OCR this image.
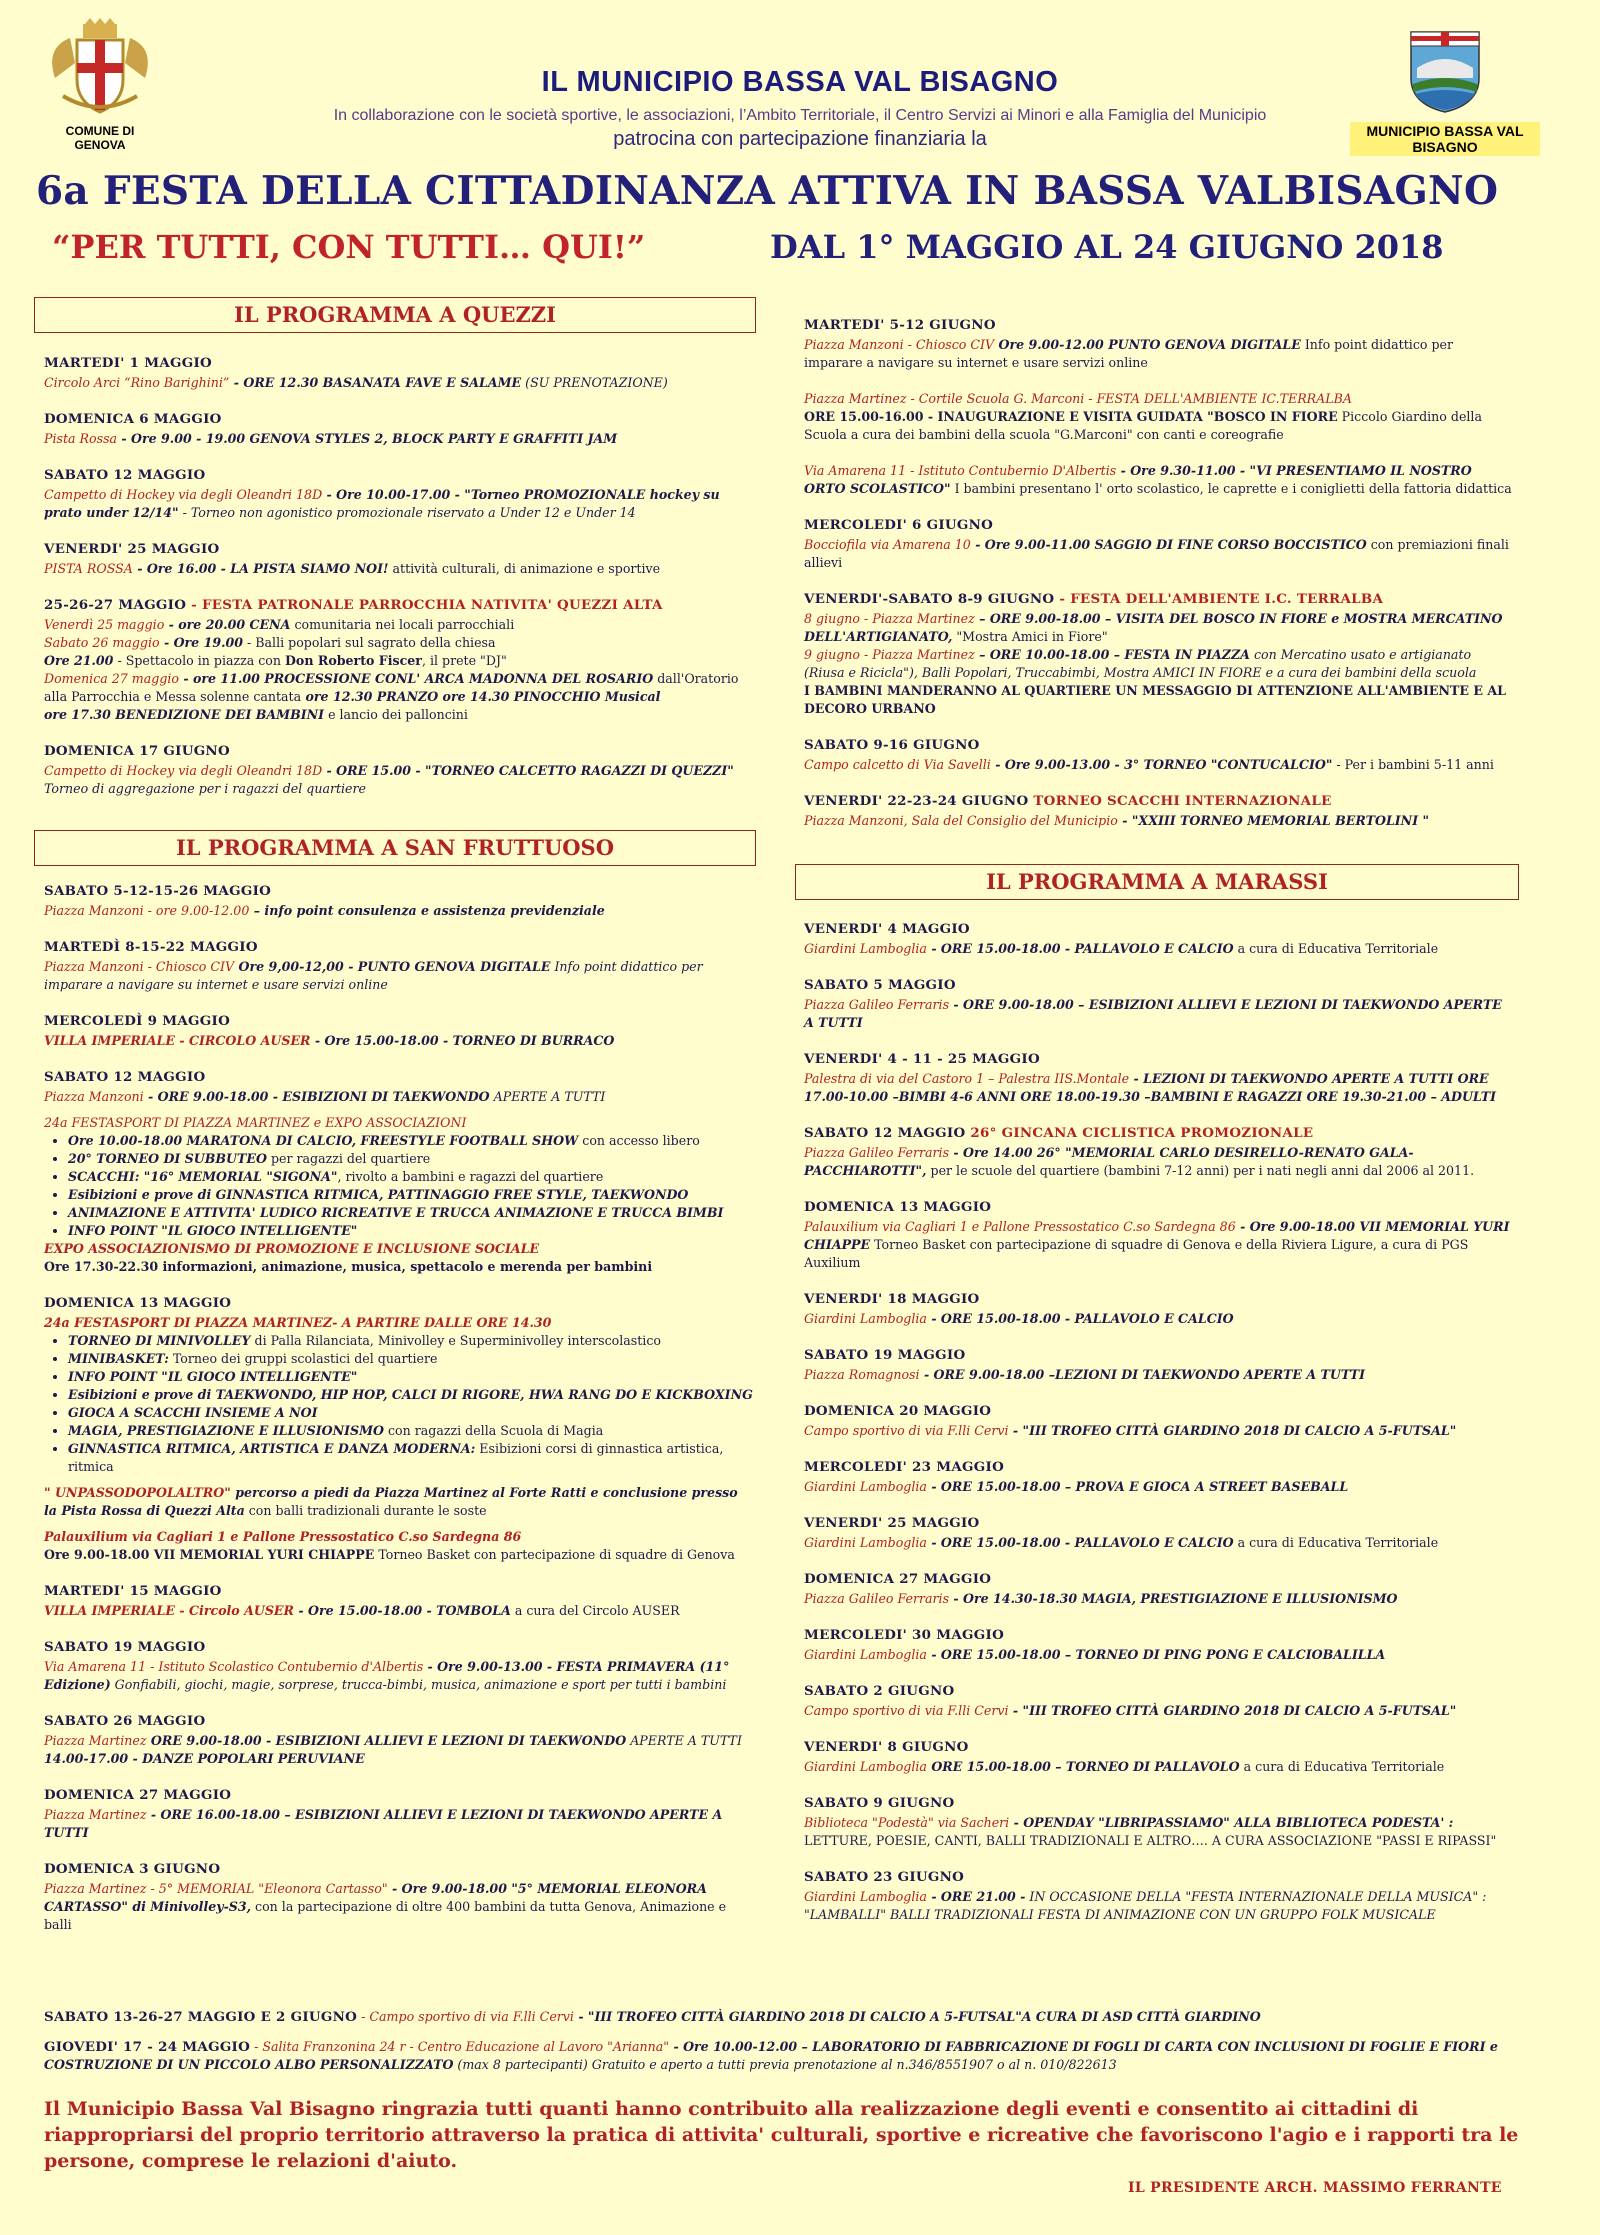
COMUNE DI GENOVA
MUNICIPIO BASSA VAL BISAGNO
IL MUNICIPIO BASSA VAL BISAGNO
In collaborazione con le società sportive, le associazioni, l’Ambito Territoriale, il Centro Servizi ai Minori e alla Famiglia del Municipio
patrocina con partecipazione finanziaria la
6a FESTA DELLA CITTADINANZA ATTIVA IN BASSA VALBISAGNO
“PER TUTTI, CON TUTTI… QUI!”	DAL 1° MAGGIO AL 24 GIUGNO 2018
IL PROGRAMMA A QUEZZI
IL PROGRAMMA A SAN FRUTTUOSO
IL PROGRAMMA A MARASSI
MARTEDI' 1 MAGGIO
Circolo Arci “Rino Barighini” - ORE 12.30 BASANATA FAVE E SALAME (SU PRENOTAZIONE)
DOMENICA 6 MAGGIO
Pista Rossa - Ore 9.00 - 19.00 GENOVA STYLES 2, BLOCK PARTY E GRAFFITI JAM
SABATO 12 MAGGIO
Campetto di Hockey via degli Oleandri 18D - Ore 10.00-17.00 - "Torneo PROMOZIONALE hockey su prato under 12/14" - Torneo non agonistico promozionale riservato a Under 12 e Under 14
VENERDI' 25 MAGGIO
PISTA ROSSA - Ore 16.00 - LA PISTA SIAMO NOI! attività culturali, di animazione e sportive
25-26-27 MAGGIO - FESTA PATRONALE PARROCCHIA NATIVITA' QUEZZI ALTA
Venerdì 25 maggio - ore 20.00 CENA comunitaria nei locali parrocchiali
Sabato 26 maggio - Ore 19.00 - Balli popolari sul sagrato della chiesa
Ore 21.00 - Spettacolo in piazza con Don Roberto Fiscer, il prete "DJ"
Domenica 27 maggio - ore 11.00 PROCESSIONE CONL' ARCA MADONNA DEL ROSARIO dall'Oratorio alla Parrocchia e Messa solenne cantata ore 12.30 PRANZO ore 14.30 PINOCCHIO Musical
ore 17.30 BENEDIZIONE DEI BAMBINI e lancio dei palloncini
DOMENICA 17 GIUGNO
Campetto di Hockey via degli Oleandri 18D - ORE 15.00 - "TORNEO CALCETTO RAGAZZI DI QUEZZI"
Torneo di aggregazione per i ragazzi del quartiere
SABATO 5-12-15-26 MAGGIO
Piazza Manzoni - ore 9.00-12.00 – info point consulenza e assistenza previdenziale
MARTEDÌ 8-15-22 MAGGIO
Piazza Manzoni - Chiosco CIV Ore 9,00-12,00 - PUNTO GENOVA DIGITALE Info point didattico per imparare a navigare su internet e usare servizi online
MERCOLEDÌ 9 MAGGIO
VILLA IMPERIALE - CIRCOLO AUSER - Ore 15.00-18.00 - TORNEO DI BURRACO
SABATO 12 MAGGIO
Piazza Manzoni - ORE 9.00-18.00 - ESIBIZIONI DI TAEKWONDO APERTE A TUTTI
24a FESTASPORT DI PIAZZA MARTINEZ e EXPO ASSOCIAZIONI
• Ore 10.00-18.00 MARATONA DI CALCIO, FREESTYLE FOOTBALL SHOW con accesso libero
• 20° TORNEO DI SUBBUTEO per ragazzi del quartiere
• SCACCHI: "16° MEMORIAL "SIGONA", rivolto a bambini e ragazzi del quartiere
• Esibizioni e prove di GINNASTICA RITMICA, PATTINAGGIO FREE STYLE, TAEKWONDO
• ANIMAZIONE E ATTIVITA' LUDICO RICREATIVE E TRUCCA ANIMAZIONE E TRUCCA BIMBI
• INFO POINT "IL GIOCO INTELLIGENTE"
EXPO ASSOCIAZIONISMO DI PROMOZIONE E INCLUSIONE SOCIALE
Ore 17.30-22.30 informazioni, animazione, musica, spettacolo e merenda per bambini
DOMENICA 13 MAGGIO
24a FESTASPORT DI PIAZZA MARTINEZ- A PARTIRE DALLE ORE 14.30
• TORNEO DI MINIVOLLEY di Palla Rilanciata, Minivolley e Superminivolley interscolastico
• MINIBASKET: Torneo dei gruppi scolastici del quartiere
• INFO POINT "IL GIOCO INTELLIGENTE"
• Esibizioni e prove di TAEKWONDO, HIP HOP, CALCI DI RIGORE, HWA RANG DO E KICKBOXING
• GIOCA A SCACCHI INSIEME A NOI
• MAGIA, PRESTIGIAZIONE E ILLUSIONISMO con ragazzi della Scuola di Magia
• GINNASTICA RITMICA, ARTISTICA E DANZA MODERNA: Esibizioni corsi di ginnastica artistica, ritmica
" UNPASSODOPOLALTRO" percorso a piedi da Piazza Martinez al Forte Ratti e conclusione presso la Pista Rossa di Quezzi Alta con balli tradizionali durante le soste
Palauxilium via Cagliari 1 e Pallone Pressostatico C.so Sardegna 86
Ore 9.00-18.00 VII MEMORIAL YURI CHIAPPE Torneo Basket con partecipazione di squadre di Genova
MARTEDI' 15 MAGGIO
VILLA IMPERIALE - Circolo AUSER - Ore 15.00-18.00 - TOMBOLA a cura del Circolo AUSER
SABATO 19 MAGGIO
Via Amarena 11 - Istituto Scolastico Contubernio d'Albertis - Ore 9.00-13.00 - FESTA PRIMAVERA (11° Edizione) Gonfiabili, giochi, magie, sorprese, trucca-bimbi, musica, animazione e sport per tutti i bambini
SABATO 26 MAGGIO
Piazza Martinez ORE 9.00-18.00 - ESIBIZIONI ALLIEVI E LEZIONI DI TAEKWONDO APERTE A TUTTI
14.00-17.00 - DANZE POPOLARI PERUVIANE
DOMENICA 27 MAGGIO
Piazza Martinez - ORE 16.00-18.00 – ESIBIZIONI ALLIEVI E LEZIONI DI TAEKWONDO APERTE A TUTTI
DOMENICA 3 GIUGNO
Piazza Martinez - 5° MEMORIAL "Eleonora Cartasso" - Ore 9.00-18.00 "5° MEMORIAL ELEONORA CARTASSO" di Minivolley-S3, con la partecipazione di oltre 400 bambini da tutta Genova, Animazione e balli
MARTEDI' 5-12 GIUGNO
Piazza Manzoni - Chiosco CIV Ore 9.00-12.00 PUNTO GENOVA DIGITALE Info point didattico per imparare a navigare su internet e usare servizi online
Piazza Martinez - Cortile Scuola G. Marconi - FESTA DELL'AMBIENTE IC.TERRALBA
ORE 15.00-16.00 - INAUGURAZIONE E VISITA GUIDATA "BOSCO IN FIORE Piccolo Giardino della Scuola a cura dei bambini della scuola "G.Marconi" con canti e coreografie
Via Amarena 11 - Istituto Contubernio D'Albertis - Ore 9.30-11.00 - "VI PRESENTIAMO IL NOSTRO ORTO SCOLASTICO" I bambini presentano l' orto scolastico, le caprette e i coniglietti della fattoria didattica
MERCOLEDI' 6 GIUGNO
Bocciofila via Amarena 10 - Ore 9.00-11.00 SAGGIO DI FINE CORSO BOCCISTICO con premiazioni finali allievi
VENERDI'-SABATO 8-9 GIUGNO - FESTA DELL'AMBIENTE I.C. TERRALBA
8 giugno - Piazza Martinez – ORE 9.00-18.00 – VISITA DEL BOSCO IN FIORE e MOSTRA MERCATINO DELL'ARTIGIANATO, "Mostra Amici in Fiore"
9 giugno - Piazza Martinez – ORE 10.00-18.00 – FESTA IN PIAZZA con Mercatino usato e artigianato (Riusa e Ricicla"), Balli Popolari, Truccabimbi, Mostra AMICI IN FIORE e a cura dei bambini della scuola
I BAMBINI MANDERANNO AL QUARTIERE UN MESSAGGIO DI ATTENZIONE ALL'AMBIENTE E AL DECORO URBANO
SABATO 9-16 GIUGNO
Campo calcetto di Via Savelli - Ore 9.00-13.00 - 3° TORNEO "CONTUCALCIO" - Per i bambini 5-11 anni
VENERDI' 22-23-24 GIUGNO TORNEO SCACCHI INTERNAZIONALE
Piazza Manzoni, Sala del Consiglio del Municipio - "XXIII TORNEO MEMORIAL BERTOLINI "
VENERDI' 4 MAGGIO
Giardini Lamboglia - ORE 15.00-18.00 - PALLAVOLO E CALCIO a cura di Educativa Territoriale
SABATO 5 MAGGIO
Piazza Galileo Ferraris - ORE 9.00-18.00 – ESIBIZIONI ALLIEVI E LEZIONI DI TAEKWONDO APERTE A TUTTI
VENERDI' 4 - 11 - 25 MAGGIO
Palestra di via del Castoro 1 – Palestra IIS.Montale - LEZIONI DI TAEKWONDO APERTE A TUTTI ORE 17.00-10.00 –BIMBI 4-6 ANNI ORE 18.00-19.30 –BAMBINI E RAGAZZI ORE 19.30-21.00 – ADULTI
SABATO 12 MAGGIO 26° GINCANA CICLISTICA PROMOZIONALE
Piazza Galileo Ferraris - Ore 14.00 26° "MEMORIAL CARLO DESIRELLO-RENATO GALA-PACCHIAROTTI", per le scuole del quartiere (bambini 7-12 anni) per i nati negli anni dal 2006 al 2011.
DOMENICA 13 MAGGIO
Palauxilium via Cagliari 1 e Pallone Pressostatico C.so Sardegna 86 - Ore 9.00-18.00 VII MEMORIAL YURI CHIAPPE Torneo Basket con partecipazione di squadre di Genova e della Riviera Ligure, a cura di PGS Auxilium
VENERDI' 18 MAGGIO
Giardini Lamboglia - ORE 15.00-18.00 - PALLAVOLO E CALCIO
SABATO 19 MAGGIO
Piazza Romagnosi - ORE 9.00-18.00 –LEZIONI DI TAEKWONDO APERTE A TUTTI
DOMENICA 20 MAGGIO
Campo sportivo di via F.lli Cervi - "III TROFEO CITTÀ GIARDINO 2018 DI CALCIO A 5-FUTSAL"
MERCOLEDI' 23 MAGGIO
Giardini Lamboglia - ORE 15.00-18.00 – PROVA E GIOCA A STREET BASEBALL
VENERDI' 25 MAGGIO
Giardini Lamboglia - ORE 15.00-18.00 - PALLAVOLO E CALCIO a cura di Educativa Territoriale
DOMENICA 27 MAGGIO
Piazza Galileo Ferraris - Ore 14.30-18.30 MAGIA, PRESTIGIAZIONE E ILLUSIONISMO
MERCOLEDI' 30 MAGGIO
Giardini Lamboglia - ORE 15.00-18.00 – TORNEO DI PING PONG E CALCIOBALILLA
SABATO 2 GIUGNO
Campo sportivo di via F.lli Cervi - "III TROFEO CITTÀ GIARDINO 2018 DI CALCIO A 5-FUTSAL"
VENERDI' 8 GIUGNO
Giardini Lamboglia ORE 15.00-18.00 – TORNEO DI PALLAVOLO a cura di Educativa Territoriale
SABATO 9 GIUGNO
Biblioteca "Podestà" via Sacheri - OPENDAY "LIBRIPASSIAMO" ALLA BIBLIOTECA PODESTA' : LETTURE, POESIE, CANTI, BALLI TRADIZIONALI E ALTRO…. A CURA ASSOCIAZIONE "PASSI E RIPASSI"
SABATO 23 GIUGNO
Giardini Lamboglia - ORE 21.00 - IN OCCASIONE DELLA "FESTA INTERNAZIONALE DELLA MUSICA" : "LAMBALLI" BALLI TRADIZIONALI FESTA DI ANIMAZIONE CON UN GRUPPO FOLK MUSICALE
SABATO 13-26-27 MAGGIO E 2 GIUGNO - Campo sportivo di via F.lli Cervi - "III TROFEO CITTÀ GIARDINO 2018 DI CALCIO A 5-FUTSAL"A CURA DI ASD CITTÀ GIARDINO
GIOVEDI' 17 - 24 MAGGIO - Salita Franzonina 24 r - Centro Educazione al Lavoro "Arianna" - Ore 10.00-12.00 – LABORATORIO DI FABBRICAZIONE DI FOGLI DI CARTA CON INCLUSIONI DI FOGLIE E FIORI e COSTRUZIONE DI UN PICCOLO ALBO PERSONALIZZATO (max 8 partecipanti) Gratuito e aperto a tutti previa prenotazione al n.346/8551907 o al n. 010/822613
Il Municipio Bassa Val Bisagno ringrazia tutti quanti hanno contribuito alla realizzazione degli eventi e consentito ai cittadini di riappropriarsi del proprio territorio attraverso la pratica di attivita' culturali, sportive e ricreative che favoriscono l'agio e i rapporti tra le persone, comprese le relazioni d'aiuto.
IL PRESIDENTE ARCH. MASSIMO FERRANTE
